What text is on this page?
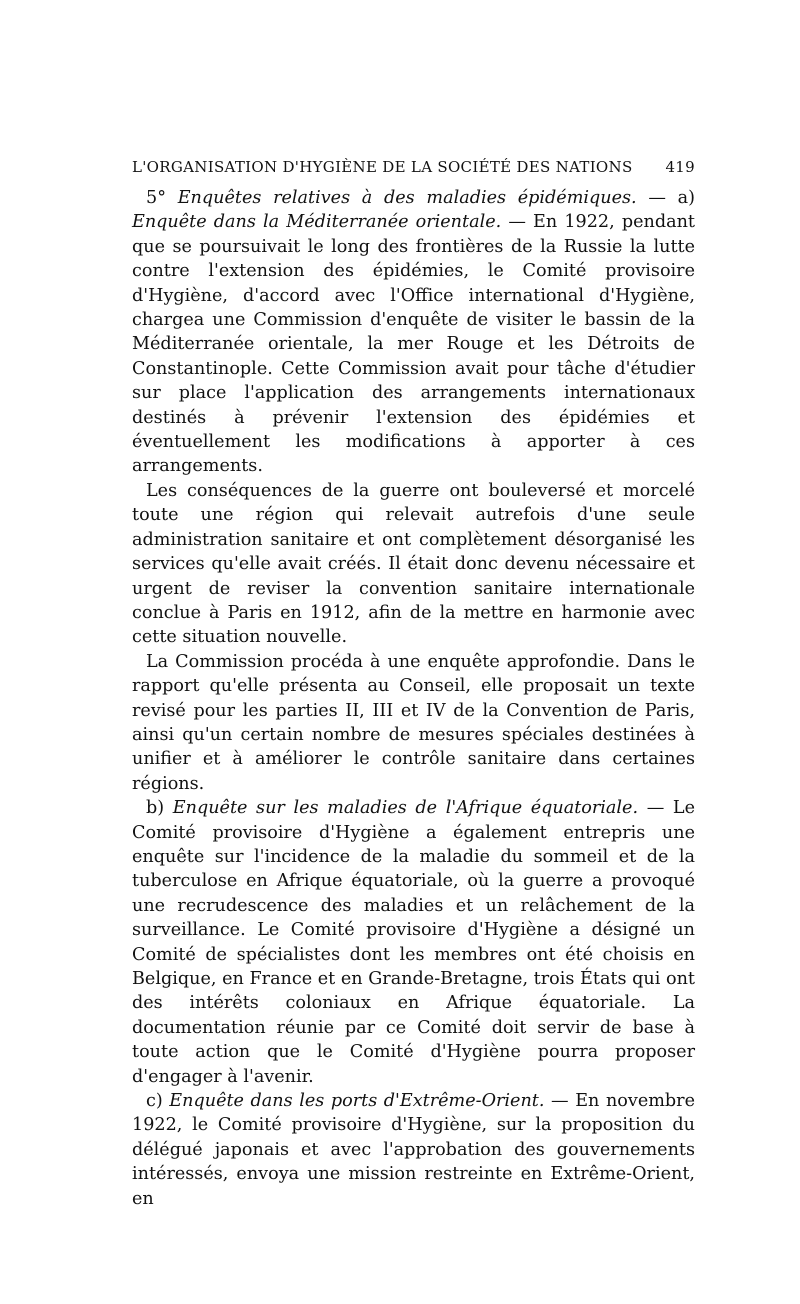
L'ORGANISATION D'HYGIÈNE DE LA SOCIÉTÉ DES NATIONS 419

5° Enquêtes relatives à des maladies épidémiques. — a) Enquête dans la Méditerranée orientale. — En 1922, pendant que se poursuivait le long des frontières de la Russie la lutte contre l'extension des épidémies, le Comité provisoire d'Hygiène, d'accord avec l'Office international d'Hygiène, chargea une Commission d'enquête de visiter le bassin de la Méditerranée orientale, la mer Rouge et les Détroits de Constantinople. Cette Commission avait pour tâche d'étudier sur place l'application des arrangements internationaux destinés à prévenir l'extension des épidémies et éventuellement les modifications à apporter à ces arrangements.

Les conséquences de la guerre ont bouleversé et morcelé toute une région qui relevait autrefois d'une seule administration sanitaire et ont complètement désorganisé les services qu'elle avait créés. Il était donc devenu nécessaire et urgent de reviser la convention sanitaire internationale conclue à Paris en 1912, afin de la mettre en harmonie avec cette situation nouvelle.

La Commission procéda à une enquête approfondie. Dans le rapport qu'elle présenta au Conseil, elle proposait un texte revisé pour les parties II, III et IV de la Convention de Paris, ainsi qu'un certain nombre de mesures spéciales destinées à unifier et à améliorer le contrôle sanitaire dans certaines régions.

b) Enquête sur les maladies de l'Afrique équatoriale. — Le Comité provisoire d'Hygiène a également entrepris une enquête sur l'incidence de la maladie du sommeil et de la tuberculose en Afrique équatoriale, où la guerre a provoqué une recrudescence des maladies et un relâchement de la surveillance. Le Comité provisoire d'Hygiène a désigné un Comité de spécialistes dont les membres ont été choisis en Belgique, en France et en Grande-Bretagne, trois États qui ont des intérêts coloniaux en Afrique équatoriale. La documentation réunie par ce Comité doit servir de base à toute action que le Comité d'Hygiène pourra proposer d'engager à l'avenir.

c) Enquête dans les ports d'Extrême-Orient. — En novembre 1922, le Comité provisoire d'Hygiène, sur la proposition du délégué japonais et avec l'approbation des gouvernements intéressés, envoya une mission restreinte en Extrême-Orient, en
